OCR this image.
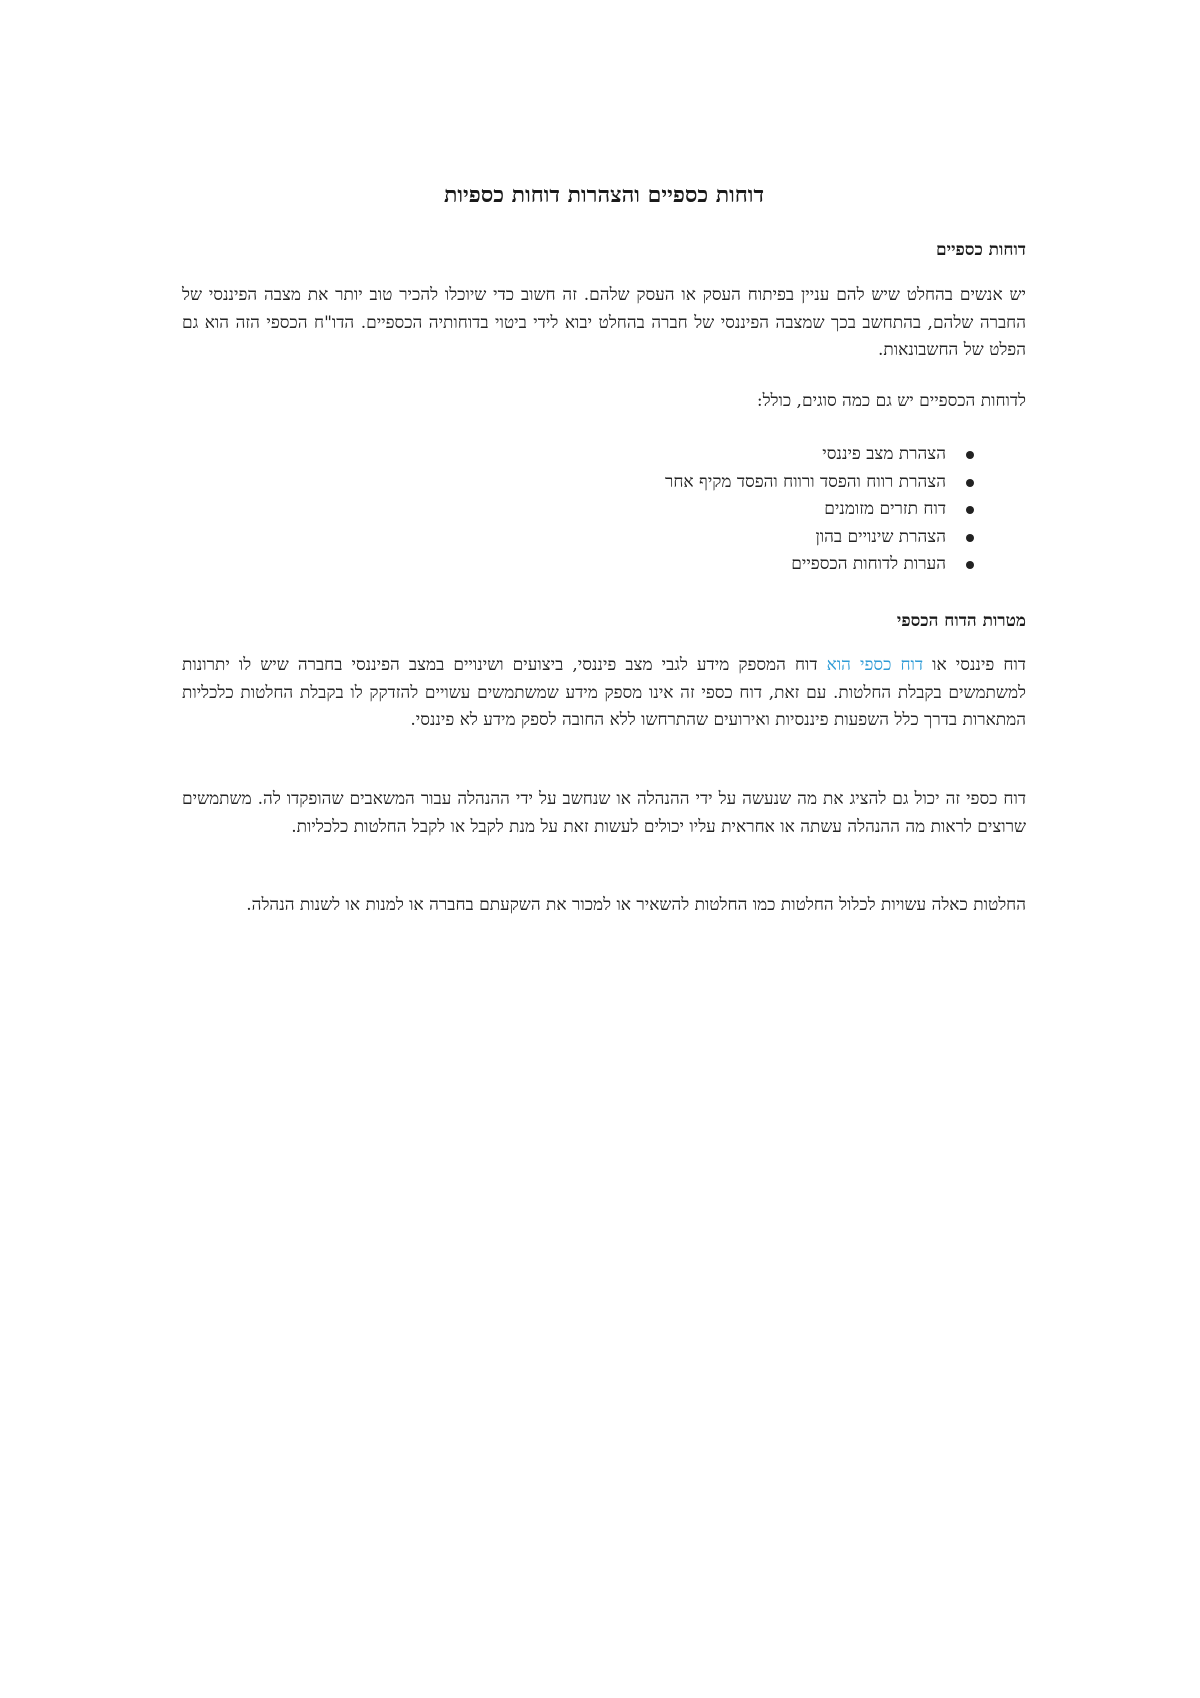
דוחות כספיים והצהרות דוחות כספיות
דוחות כספיים

יש אנשים בהחלט שיש להם עניין בפיתוח העסק או העסק שלהם. זה חשוב כדי שיוכלו להכיר טוב יותר את מצבה הפיננסי של החברה שלהם, בהתחשב בכך שמצבה הפיננסי של חברה בהחלט יבוא לידי ביטוי בדוחותיה הכספיים. הדו"ח הכספי הזה הוא גם הפלט של החשבונאות.

לדוחות הכספיים יש גם כמה סוגים, כולל:

הצהרת מצב פיננסי
הצהרת רווח והפסד ורווח והפסד מקיף אחר
דוח תזרים מזומנים
הצהרת שינויים בהון
הערות לדוחות הכספיים
מטרות הדוח הכספי

דוח פיננסי או דוח כספי הוא דוח המספק מידע לגבי מצב פיננסי, ביצועים ושינויים במצב הפיננסי בחברה שיש לו יתרונות למשתמשים בקבלת החלטות. עם זאת, דוח כספי זה אינו מספק מידע שמשתמשים עשויים להזדקק לו בקבלת החלטות כלכליות המתארות בדרך כלל השפעות פיננסיות ואירועים שהתרחשו ללא החובה לספק מידע לא פיננסי.

דוח כספי זה יכול גם להציג את מה שנעשה על ידי ההנהלה או שנחשב על ידי ההנהלה עבור המשאבים שהופקדו לה. משתמשים שרוצים לראות מה ההנהלה עשתה או אחראית עליו יכולים לעשות זאת על מנת לקבל או לקבל החלטות כלכליות.

החלטות כאלה עשויות לכלול החלטות כמו החלטות להשאיר או למכור את השקעתם בחברה או למנות או לשנות הנהלה.
